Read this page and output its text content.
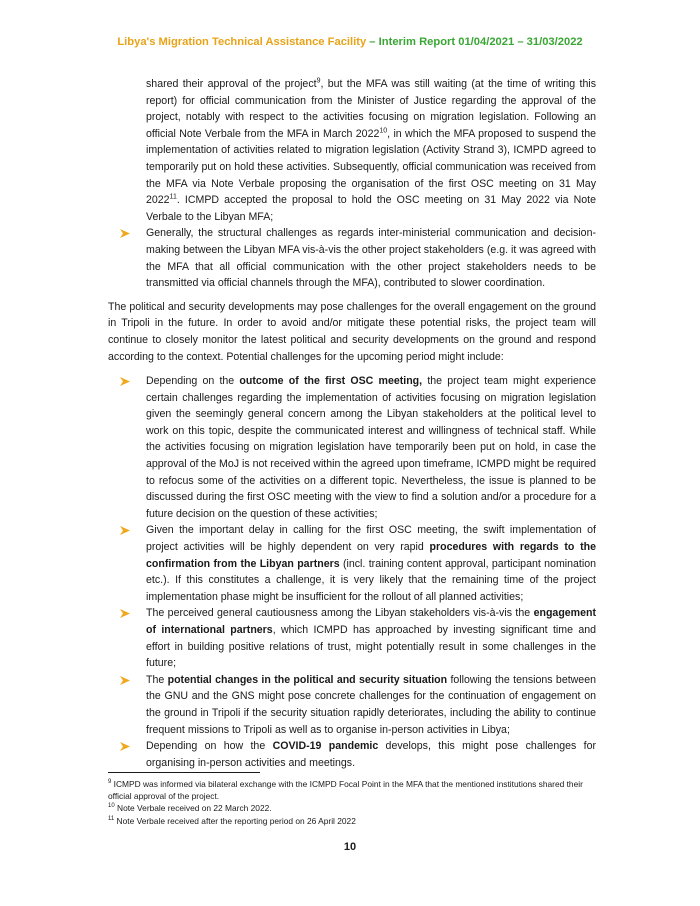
Libya's Migration Technical Assistance Facility – Interim Report 01/04/2021 – 31/03/2022
shared their approval of the project$^9$, but the MFA was still waiting (at the time of writing this report) for official communication from the Minister of Justice regarding the approval of the project, notably with respect to the activities focusing on migration legislation. Following an official Note Verbale from the MFA in March 2022$^{10}$, in which the MFA proposed to suspend the implementation of activities related to migration legislation (Activity Strand 3), ICMPD agreed to temporarily put on hold these activities. Subsequently, official communication was received from the MFA via Note Verbale proposing the organisation of the first OSC meeting on 31 May 2022$^{11}$. ICMPD accepted the proposal to hold the OSC meeting on 31 May 2022 via Note Verbale to the Libyan MFA;
Generally, the structural challenges as regards inter-ministerial communication and decision-making between the Libyan MFA vis-à-vis the other project stakeholders (e.g. it was agreed with the MFA that all official communication with the other project stakeholders needs to be transmitted via official channels through the MFA), contributed to slower coordination.

The political and security developments may pose challenges for the overall engagement on the ground in Tripoli in the future. In order to avoid and/or mitigate these potential risks, the project team will continue to closely monitor the latest political and security developments on the ground and respond according to the context. Potential challenges for the upcoming period might include:

Depending on the outcome of the first OSC meeting, the project team might experience certain challenges regarding the implementation of activities focusing on migration legislation given the seemingly general concern among the Libyan stakeholders at the political level to work on this topic, despite the communicated interest and willingness of technical staff. While the activities focusing on migration legislation have temporarily been put on hold, in case the approval of the MoJ is not received within the agreed upon timeframe, ICMPD might be required to refocus some of the activities on a different topic. Nevertheless, the issue is planned to be discussed during the first OSC meeting with the view to find a solution and/or a procedure for a future decision on the question of these activities;
Given the important delay in calling for the first OSC meeting, the swift implementation of project activities will be highly dependent on very rapid procedures with regards to the confirmation from the Libyan partners (incl. training content approval, participant nomination etc.). If this constitutes a challenge, it is very likely that the remaining time of the project implementation phase might be insufficient for the rollout of all planned activities;
The perceived general cautiousness among the Libyan stakeholders vis-à-vis the engagement of international partners, which ICMPD has approached by investing significant time and effort in building positive relations of trust, might potentially result in some challenges in the future;
The potential changes in the political and security situation following the tensions between the GNU and the GNS might pose concrete challenges for the continuation of engagement on the ground in Tripoli if the security situation rapidly deteriorates, including the ability to continue frequent missions to Tripoli as well as to organise in-person activities in Libya;
Depending on how the COVID-19 pandemic develops, this might pose challenges for organising in-person activities and meetings.
$^9$ ICMPD was informed via bilateral exchange with the ICMPD Focal Point in the MFA that the mentioned institutions shared their official approval of the project.
$^{10}$ Note Verbale received on 22 March 2022.
$^{11}$ Note Verbale received after the reporting period on 26 April 2022
10
